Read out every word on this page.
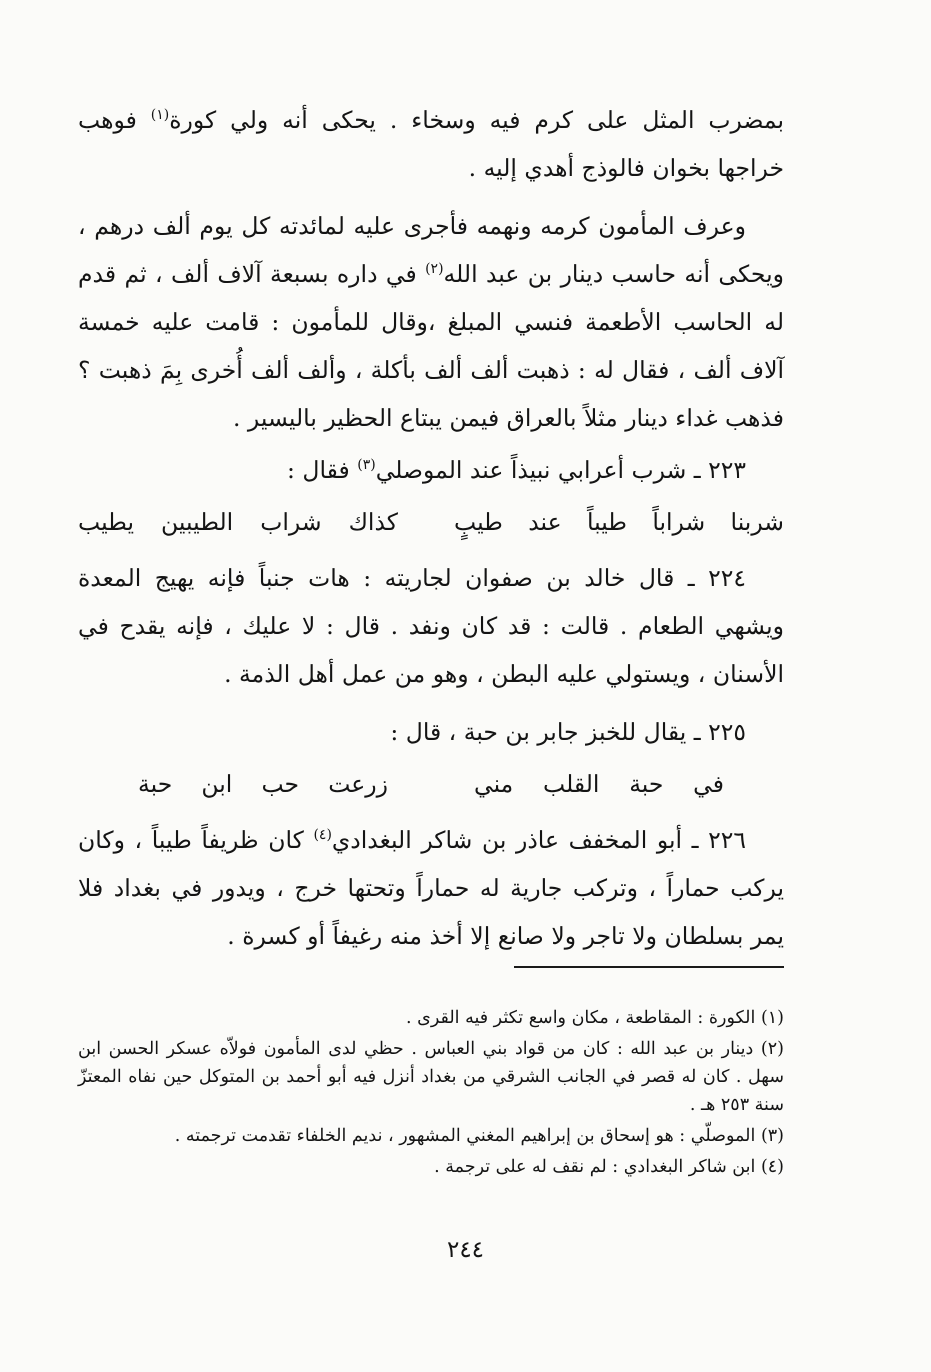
بمضرب المثل على كرم فيه وسخاء . يحكى أنه ولي كورة$^{(١)}$ فوهب خراجها بخوان فالوذج أهدي إليه .

وعرف المأمون كرمه ونهمه فأجرى عليه لمائدته كل يوم ألف درهم ، ويحكى أنه حاسب دينار بن عبد الله$^{(٢)}$ في داره بسبعة آلاف ألف ، ثم قدم له الحاسب الأطعمة فنسي المبلغ ،وقال للمأمون : قامت عليه خمسة آلاف ألف ، فقال له : ذهبت ألف ألف بأكلة ، وألف ألف أُخرى بِمَ ذهبت ؟ فذهب غداء دينار مثلاً بالعراق فيمن يبتاع الحظير باليسير .

٢٢٣ ـ شرب أعرابي نبيذاً عند الموصلي$^{(٣)}$ فقال :

شربنا شراباً طيباً عند طيبٍ
كذاك شراب الطيبين يطيب

٢٢٤ ـ قال خالد بن صفوان لجاريته : هات جنباً فإنه يهيج المعدة ويشهي الطعام . قالت : قد كان ونفد . قال : لا عليك ، فإنه يقدح في الأسنان ، ويستولي عليه البطن ، وهو من عمل أهل الذمة .

٢٢٥ ـ يقال للخبز جابر بن حبة ، قال :

في حبة القلب مني
زرعت حب ابن حبة

٢٢٦ ـ أبو المخفف عاذر بن شاكر البغدادي$^{(٤)}$ كان ظريفاً طيباً ، وكان يركب حماراً ، وتركب جارية له حماراً وتحتها خرج ، ويدور في بغداد فلا يمر بسلطان ولا تاجر ولا صانع إلا أخذ منه رغيفاً أو كسرة .

(١) الكورة : المقاطعة ، مكان واسع تكثر فيه القرى .

(٢) دينار بن عبد الله : كان من قواد بني العباس . حظي لدى المأمون فولاّه عسكر الحسن ابن سهل . كان له قصر في الجانب الشرقي من بغداد أنزل فيه أبو أحمد بن المتوكل حين نفاه المعتزّ سنة ٢٥٣ هـ .

(٣) الموصلّي : هو إسحاق بن إبراهيم المغني المشهور ، نديم الخلفاء تقدمت ترجمته .

(٤) ابن شاكر البغدادي : لم نقف له على ترجمة .

٢٤٤
